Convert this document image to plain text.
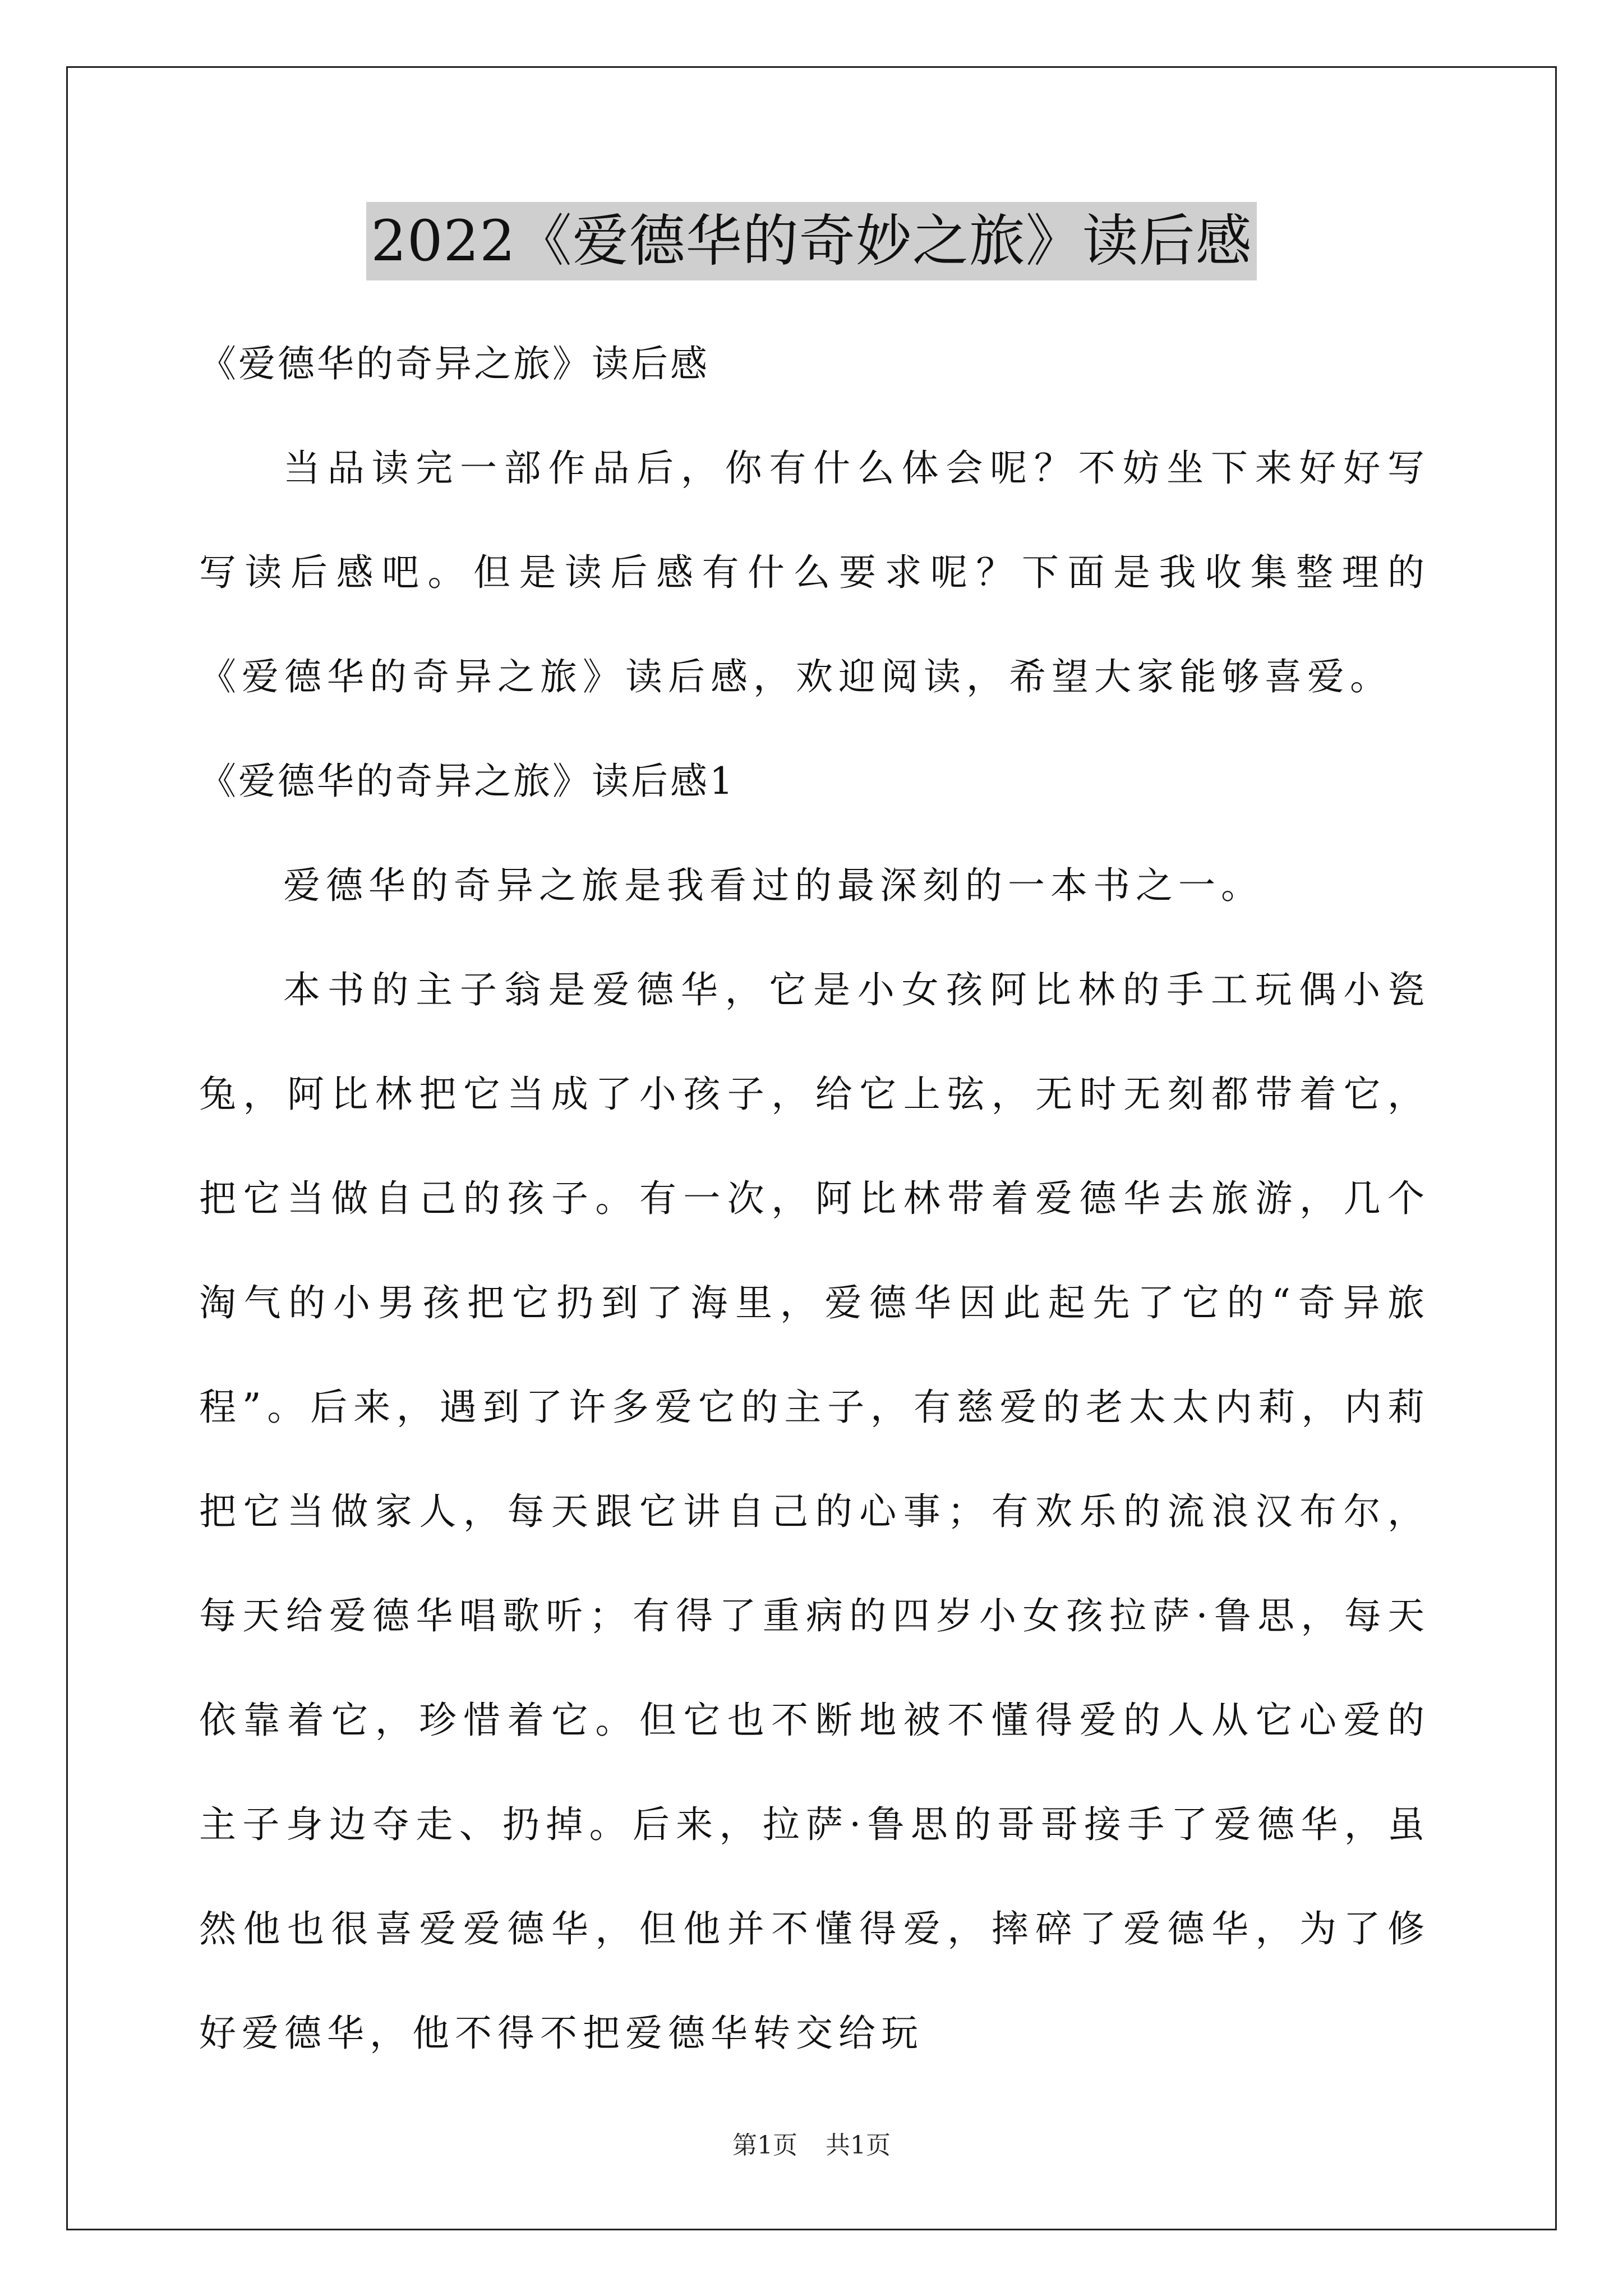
2022《爱德华的奇妙之旅》读后感

《爱德华的奇异之旅》读后感

当品读完一部作品后，你有什么体会呢？不妨坐下来好好写写读后感吧。但是读后感有什么要求呢？下面是我收集整理的《爱德华的奇异之旅》读后感，欢迎阅读，希望大家能够喜爱。

《爱德华的奇异之旅》读后感1

爱德华的奇异之旅是我看过的最深刻的一本书之一。

本书的主子翁是爱德华，它是小女孩阿比林的手工玩偶小瓷兔，阿比林把它当成了小孩子，给它上弦，无时无刻都带着它，把它当做自己的孩子。有一次，阿比林带着爱德华去旅游，几个淘气的小男孩把它扔到了海里，爱德华因此起先了它的“奇异旅程”。后来，遇到了许多爱它的主子，有慈爱的老太太内莉，内莉把它当做家人，每天跟它讲自己的心事；有欢乐的流浪汉布尔，每天给爱德华唱歌听；有得了重病的四岁小女孩拉萨·鲁思，每天依靠着它，珍惜着它。但它也不断地被不懂得爱的人从它心爱的主子身边夺走、扔掉。后来，拉萨·鲁思的哥哥接手了爱德华，虽然他也很喜爱爱德华，但他并不懂得爱，摔碎了爱德华，为了修好爱德华，他不得不把爱德华转交给玩

第1页 共1页
